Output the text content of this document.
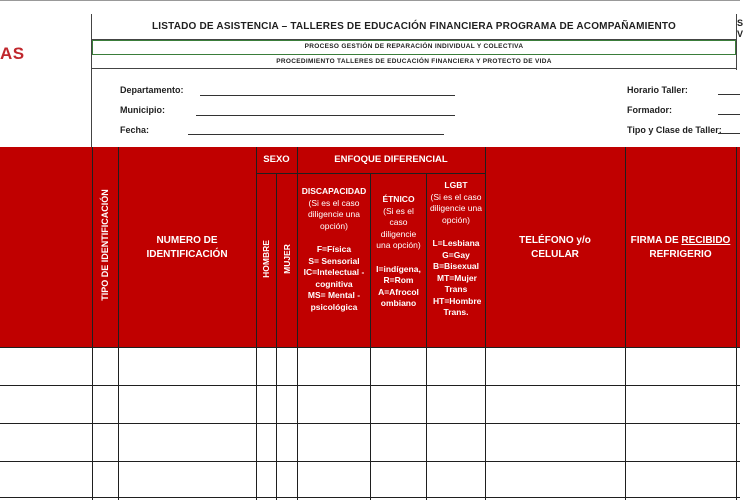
AS
LISTADO DE ASISTENCIA – TALLERES DE EDUCACIÓN FINANCIERA PROGRAMA DE ACOMPAÑAMIENTO
PROCESO GESTIÓN DE REPARACIÓN INDIVIDUAL Y COLECTIVA
PROCEDIMIENTO TALLERES DE EDUCACIÓN FINANCIERA Y PROTECTO DE VIDA
S
V
Departamento:
Municipio:
Fecha:
Horario Taller:
Formador:
Tipo y Clase de Taller:
TIPO DE IDENTIFICACIÓN	NUMERO DE IDENTIFICACIÓN
SEXO
HOMBRE MUJER
ENFOQUE DIFERENCIAL
DISCAPACIDAD
(Si es el caso diligencie una opción)
F=Física
S= Sensorial
IC=Intelectual - cognitiva
MS= Mental - psicológica
ÉTNICO
(Si es el caso diligencie una opción)
I=indígena,
R=Rom
A=Afrocolombiano
LGBT
(Si es el caso diligencie una opción)
L=Lesbiana
G=Gay
B=Bisexual
MT=Mujer Trans
HT=Hombre Trans.
TELÉFONO y/o CELULAR
FIRMA DE RECIBIDO
REFRIGERIO
